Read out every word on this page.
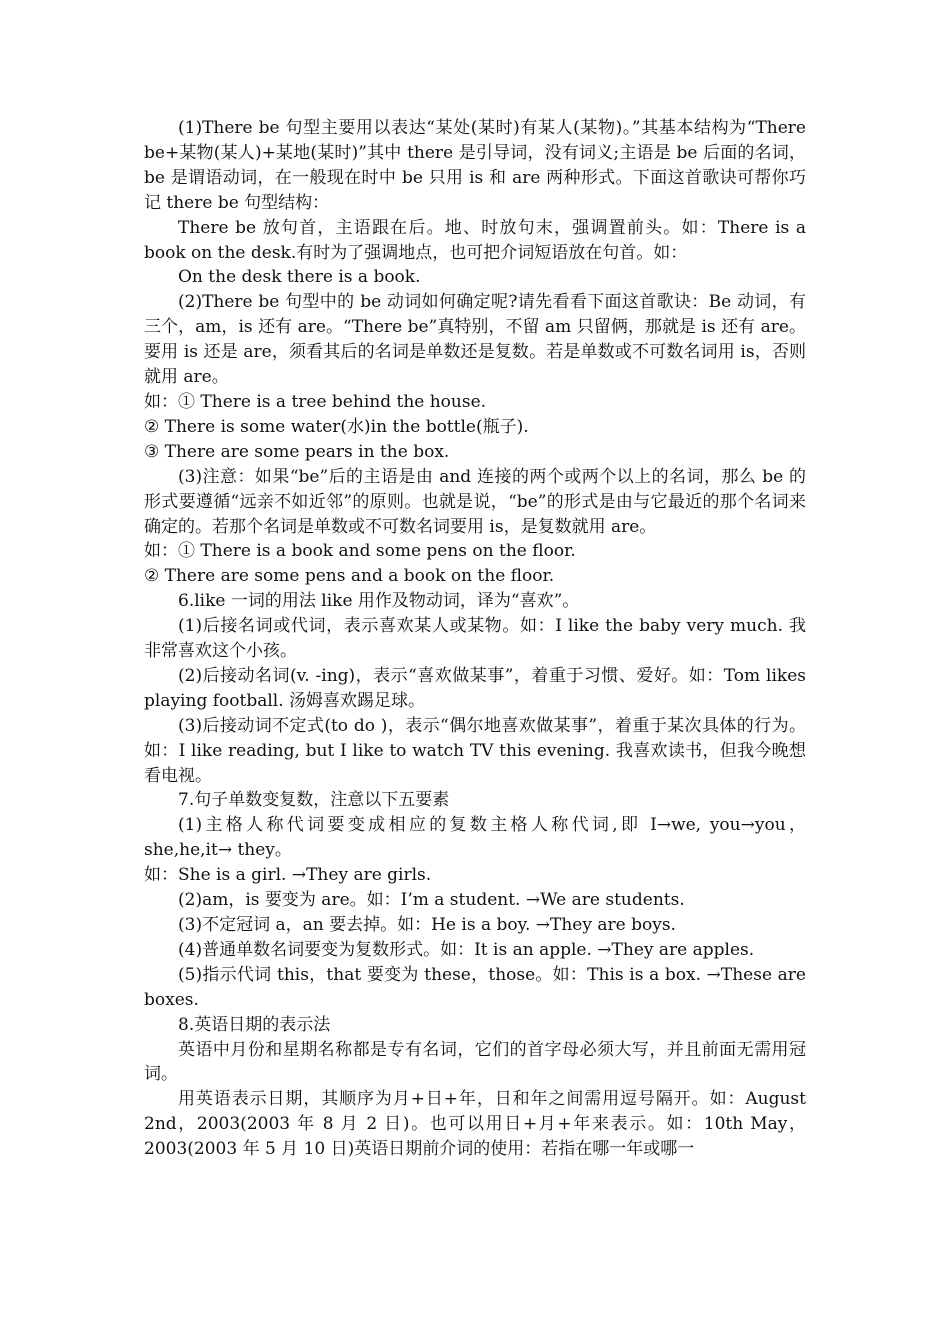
(1)There be 句型主要用以表达“某处(某时)有某人(某物)。”其基本结构为“There be+某物(某人)+某地(某时)”其中 there 是引导词，没有词义;主语是 be 后面的名词， be 是谓语动词，在一般现在时中 be 只用 is 和 are 两种形式。下面这首歌诀可帮你巧记 there be 句型结构：

There be 放句首，主语跟在后。地、时放句末，强调置前头。如：There is a book on the desk.有时为了强调地点，也可把介词短语放在句首。如：

On the desk there is a book.

(2)There be 句型中的 be 动词如何确定呢?请先看看下面这首歌诀：Be 动词，有三个，am，is 还有 are。“There be”真特别，不留 am 只留俩，那就是 is 还有 are。要用 is 还是 are，须看其后的名词是单数还是复数。若是单数或不可数名词用 is，否则就用 are。

如：① There is a tree behind the house.

② There is some water(水)in the bottle(瓶子).

③ There are some pears in the box.

(3)注意：如果“be”后的主语是由 and 连接的两个或两个以上的名词，那么 be 的形式要遵循“远亲不如近邻”的原则。也就是说，“be”的形式是由与它最近的那个名词来确定的。若那个名词是单数或不可数名词要用 is，是复数就用 are。

如：① There is a book and some pens on the floor.

② There are some pens and a book on the floor.

6.like 一词的用法 like 用作及物动词，译为“喜欢”。

(1)后接名词或代词，表示喜欢某人或某物。如：I like the baby very much. 我非常喜欢这个小孩。

(2)后接动名词(v. -ing)，表示“喜欢做某事”，着重于习惯、爱好。如：Tom likes playing football. 汤姆喜欢踢足球。

(3)后接动词不定式(to do )，表示“偶尔地喜欢做某事”，着重于某次具体的行为。如：I like reading, but I like to watch TV this evening. 我喜欢读书，但我今晚想看电视。

7.句子单数变复数，注意以下五要素

(1)主格人称代词要变成相应的复数主格人称代词,即 I→we, you→you，she,he,it→ they。

如：She is a girl. →They are girls.

(2)am，is 要变为 are。如：I’m a student. →We are students.

(3)不定冠词 a，an 要去掉。如：He is a boy. →They are boys.

(4)普通单数名词要变为复数形式。如：It is an apple. →They are apples.

(5)指示代词 this，that 要变为 these，those。如：This is a box. →These are boxes.

8.英语日期的表示法

英语中月份和星期名称都是专有名词，它们的首字母必须大写，并且前面无需用冠词。

用英语表示日期，其顺序为月+日+年，日和年之间需用逗号隔开。如：August 2nd，2003(2003 年 8 月 2 日)。也可以用日+月+年来表示。如：10th May，2003(2003 年 5 月 10 日)英语日期前介词的使用：若指在哪一年或哪一
